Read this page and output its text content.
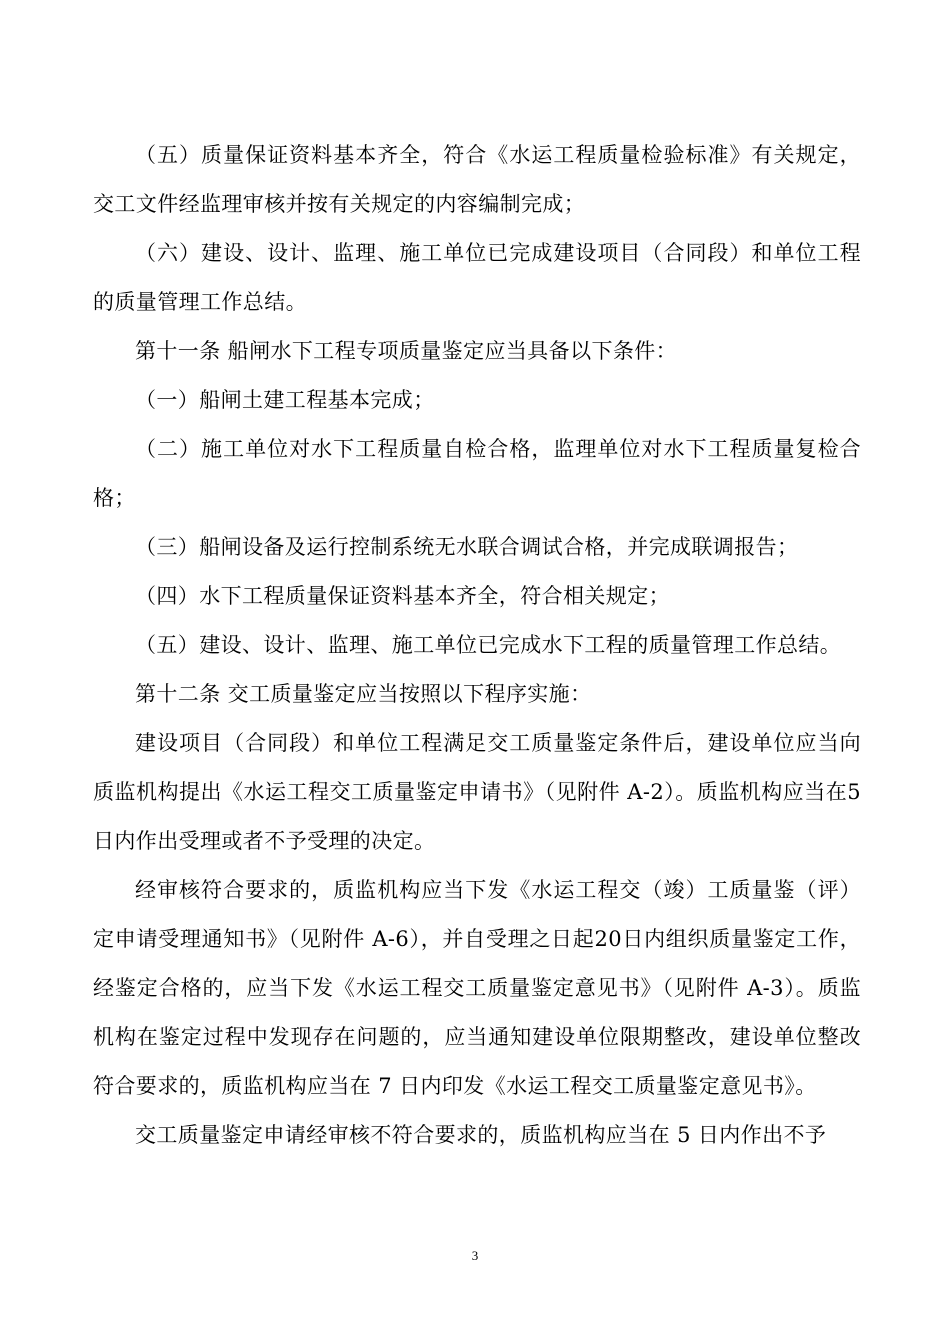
（五）质量保证资料基本齐全，符合《水运工程质量检验标准》有关规定，交工文件经监理审核并按有关规定的内容编制完成；

（六）建设、设计、监理、施工单位已完成建设项目（合同段）和单位工程的质量管理工作总结。

第十一条 船闸水下工程专项质量鉴定应当具备以下条件：

（一）船闸土建工程基本完成；

（二）施工单位对水下工程质量自检合格，监理单位对水下工程质量复检合格；

（三）船闸设备及运行控制系统无水联合调试合格，并完成联调报告；

（四）水下工程质量保证资料基本齐全，符合相关规定；

（五）建设、设计、监理、施工单位已完成水下工程的质量管理工作总结。

第十二条 交工质量鉴定应当按照以下程序实施：

建设项目（合同段）和单位工程满足交工质量鉴定条件后，建设单位应当向质监机构提出《水运工程交工质量鉴定申请书》（见附件 A-2）。质监机构应当在5日内作出受理或者不予受理的决定。

经审核符合要求的，质监机构应当下发《水运工程交（竣）工质量鉴（评）定申请受理通知书》（见附件 A-6），并自受理之日起20日内组织质量鉴定工作，经鉴定合格的，应当下发《水运工程交工质量鉴定意见书》（见附件 A-3）。质监机构在鉴定过程中发现存在问题的，应当通知建设单位限期整改，建设单位整改符合要求的，质监机构应当在 7 日内印发《水运工程交工质量鉴定意见书》。

交工质量鉴定申请经审核不符合要求的，质监机构应当在 5 日内作出不予

3
